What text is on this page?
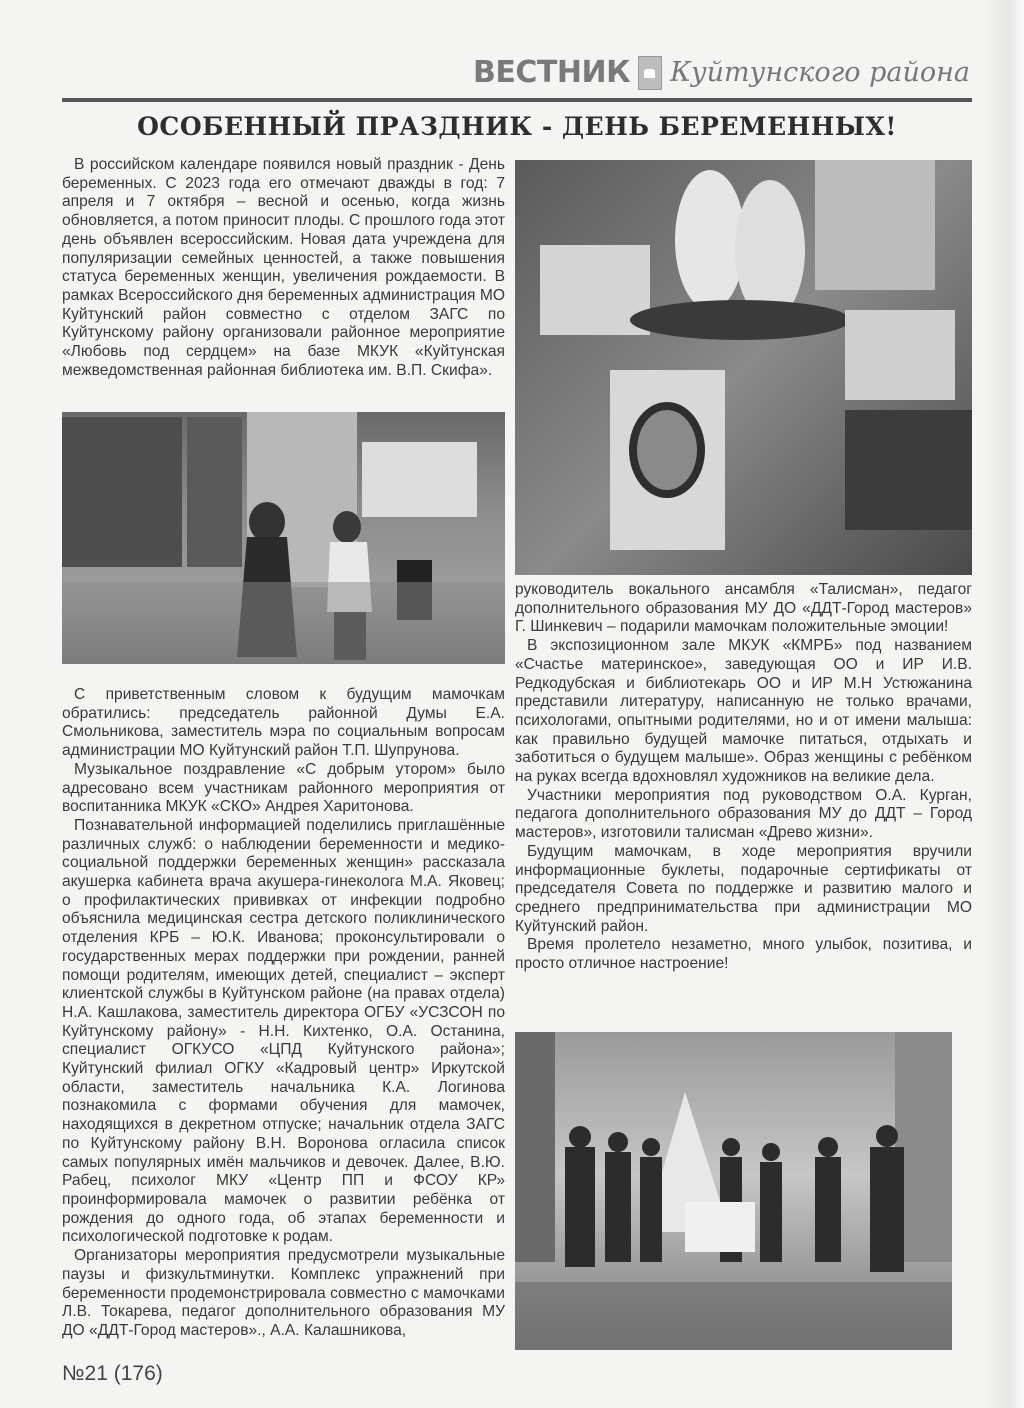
ВЕСТНИК Куйтунского района
ОСОБЕННЫЙ ПРАЗДНИК - ДЕНЬ БЕРЕМЕННЫХ!

В российском календаре появился новый праздник - День беременных. С 2023 года его отмечают дважды в год: 7 апреля и 7 октября – весной и осенью, когда жизнь обновляется, а потом приносит плоды. С прошлого года этот день объявлен всероссийским. Новая дата учреждена для популяризации семейных ценностей, а также повышения статуса беременных женщин, увеличения рождаемости. В рамках Всероссийского дня беременных администрация МО Куйтунский район совместно с отделом ЗАГС по Куйтунскому району организовали районное мероприятие «Любовь под сердцем» на базе МКУК «Куйтунская межведомственная районная библиотека им. В.П. Скифа».

С приветственным словом к будущим мамочкам обратились: председатель районной Думы Е.А. Смольникова, заместитель мэра по социальным вопросам администрации МО Куйтунский район Т.П. Шупрунова.

Музыкальное поздравление «С добрым утором» было адресовано всем участникам районного мероприятия от воспитанника МКУК «СКО» Андрея Харитонова.

Познавательной информацией поделились приглашённые различных служб: о наблюдении беременности и медико-социальной поддержки беременных женщин» рассказала акушерка кабинета врача акушера-гинеколога М.А. Яковец; о профилактических прививках от инфекции подробно объяснила медицинская сестра детского поликлинического отделения КРБ – Ю.К. Иванова; проконсультировали о государственных мерах поддержки при рождении, ранней помощи родителям, имеющих детей, специалист – эксперт клиентской службы в Куйтунском районе (на правах отдела) Н.А. Кашлакова, заместитель директора ОГБУ «УСЗСОН по Куйтунскому району» - Н.Н. Кихтенко, О.А. Останина, специалист ОГКУСО «ЦПД Куйтунского района»; Куйтунский филиал ОГКУ «Кадровый центр» Иркутской области, заместитель начальника К.А. Логинова познакомила с формами обучения для мамочек, находящихся в декретном отпуске; начальник отдела ЗАГС по Куйтунскому району В.Н. Воронова огласила список самых популярных имён мальчиков и девочек. Далее, В.Ю. Рабец, психолог МКУ «Центр ПП и ФСОУ КР» проинформировала мамочек о развитии ребёнка от рождения до одного года, об этапах беременности и психологической подготовке к родам.

Организаторы мероприятия предусмотрели музыкальные паузы и физкультминутки. Комплекс упражнений при беременности продемонстрировала совместно с мамочками Л.В. Токарева, педагог дополнительного образования МУ ДО «ДДТ-Город мастеров»., А.А. Калашникова,

руководитель вокального ансамбля «Талисман», педагог дополнительного образования МУ ДО «ДДТ-Город мастеров» Г. Шинкевич – подарили мамочкам положительные эмоции!

В экспозиционном зале МКУК «КМРБ» под названием «Счастье материнское», заведующая ОО и ИР И.В. Редкодубская и библиотекарь ОО и ИР М.Н Устюжанина представили литературу, написанную не только врачами, психологами, опытными родителями, но и от имени малыша: как правильно будущей мамочке питаться, отдыхать и заботиться о будущем малыше». Образ женщины с ребёнком на руках всегда вдохновлял художников на великие дела.

Участники мероприятия под руководством О.А. Курган, педагога дополнительного образования МУ до ДДТ – Город мастеров», изготовили талисман «Древо жизни».

Будущим мамочкам, в ходе мероприятия вручили информационные буклеты, подарочные сертификаты от председателя Совета по поддержке и развитию малого и среднего предпринимательства при администрации МО Куйтунский район.

Время пролетело незаметно, много улыбок, позитива, и просто отличное настроение!

№21 (176)
